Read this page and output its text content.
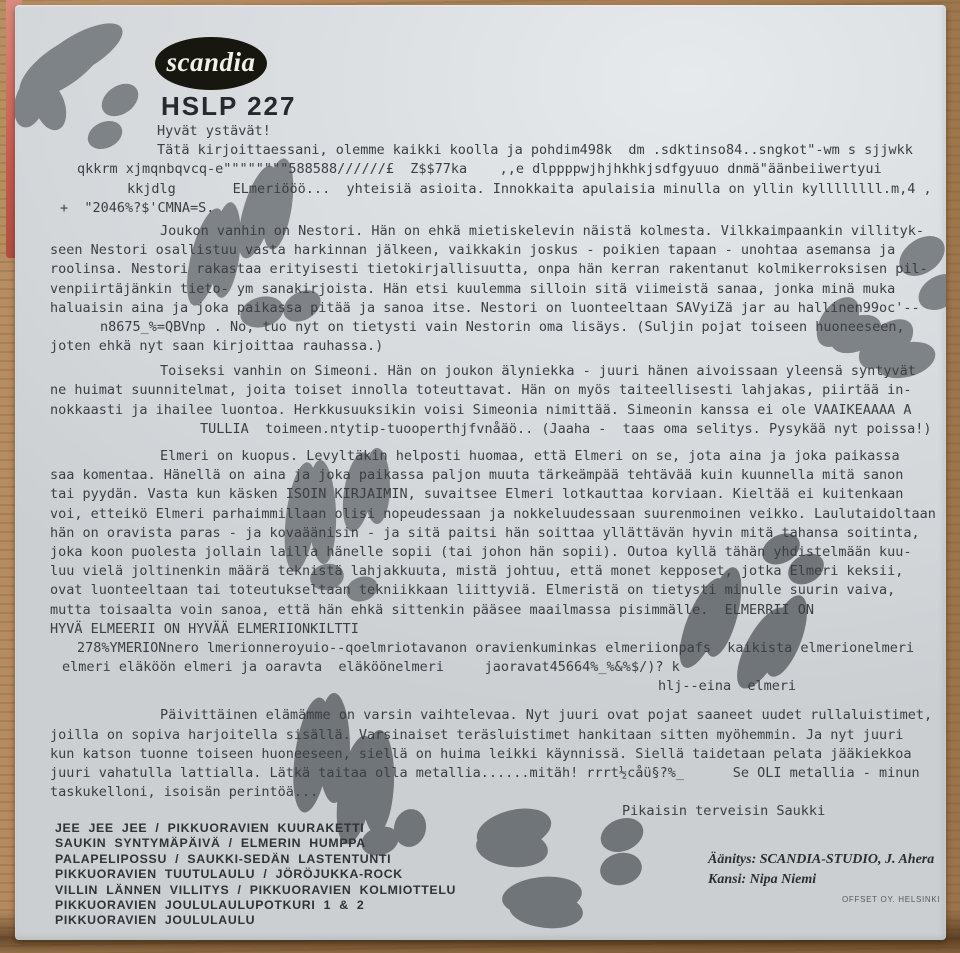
scandia
HSLP 227
Hyvät ystävät!
Tätä kirjoittaessani, olemme kaikki koolla ja pohdim498k  dm .sdktinso84..sngkot"-wm s sjjwkk
qkkrm xjmqnbqvcq-e""""""""588588//////£  Z$$77ka    ,,e dlppppwjhjhkhkjsdfgyuuo dnmä"äänbeiiwertyui
kkjdlg       ELmeriööö...  yhteisiä asioita. Innokkaita apulaisia minulla on yllin kyllllllll.m,4 ,
+  "2046%?$'CMNA=S.
Joukon vanhin on Nestori. Hän on ehkä mietiskelevin näistä kolmesta. Vilkkaimpaankin villityk-
seen Nestori osallistuu vasta harkinnan jälkeen, vaikkakin joskus - poikien tapaan - unohtaa asemansa ja
roolinsa. Nestori rakastaa erityisesti tietokirjallisuutta, onpa hän kerran rakentanut kolmikerroksisen pil-
venpiirtäjänkin tieto- ym sanakirjoista. Hän etsi kuulemma silloin sitä viimeistä sanaa, jonka minä muka
haluaisin aina ja joka paikassa pitää ja sanoa itse. Nestori on luonteeltaan SAVyiZä jar au hallinen99oc'--
n8675_%=QBVnp . No, tuo nyt on tietysti vain Nestorin oma lisäys. (Suljin pojat toiseen huoneeseen,
joten ehkä nyt saan kirjoittaa rauhassa.)
Toiseksi vanhin on Simeoni. Hän on joukon älyniekka - juuri hänen aivoissaan yleensä syntyvät
ne huimat suunnitelmat, joita toiset innolla toteuttavat. Hän on myös taiteellisesti lahjakas, piirtää in-
nokkaasti ja ihailee luontoa. Herkkusuuksikin voisi Simeonia nimittää. Simeonin kanssa ei ole VAAIKEAAAA A
TULLIA  toimeen.ntytip-tuooperthjfvnåäö.. (Jaaha -  taas oma selitys. Pysykää nyt poissa!)
Elmeri on kuopus. Levyltäkin helposti huomaa, että Elmeri on se, jota aina ja joka paikassa
saa komentaa. Hänellä on aina ja joka paikassa paljon muuta tärkeämpää tehtävää kuin kuunnella mitä sanon
tai pyydän. Vasta kun käsken ISOIN KIRJAIMIN, suvaitsee Elmeri lotkauttaa korviaan. Kieltää ei kuitenkaan
voi, etteikö Elmeri parhaimmillaan olisi nopeudessaan ja nokkeluudessaan suurenmoinen veikko. Laulutaidoltaan
hän on oravista paras - ja kovaäänisin - ja sitä paitsi hän soittaa yllättävän hyvin mitä tahansa soitinta,
joka koon puolesta jollain lailla hänelle sopii (tai johon hän sopii). Outoa kyllä tähän yhdistelmään kuu-
luu vielä joltinenkin määrä teknistä lahjakkuuta, mistä johtuu, että monet kepposet, jotka Elmeri keksii,
ovat luonteeltaan tai toteutukseltaan tekniikkaan liittyviä. Elmeristä on tietysti minulle suurin vaiva,
mutta toisaalta voin sanoa, että hän ehkä sittenkin pääsee maailmassa pisimmälle.  ELMERRII ON
HYVÄ ELMEERII ON HYVÄÄ ELMERIIONKILTTI
278%YMERIONnero lmerionneroyuio--qoelmriotavanon oravienkuminkas elmeriionpafs  kaikista elmerionelmeri
elmeri eläköön elmeri ja oaravta  eläköönelmeri     jaoravat45664%_%&%$/)? k
hlj--eina  elmeri
Päivittäinen elämämme on varsin vaihtelevaa. Nyt juuri ovat pojat saaneet uudet rullaluistimet,
joilla on sopiva harjoitella sisällä. Varsinaiset teräsluistimet hankitaan sitten myöhemmin. Ja nyt juuri
kun katson tuonne toiseen huoneeseen, siellä on huima leikki käynnissä. Siellä taidetaan pelata jääkiekkoa
juuri vahatulla lattialla. Lätkä taitaa olla metallia......mitäh! rrrt½cåü§?%_      Se OLI metallia - minun
taskukelloni, isoisän perintöä...
Pikaisin terveisin Saukki
JEE JEE JEE / PIKKUORAVIEN KUURAKETTI
SAUKIN SYNTYMÄPÄIVÄ / ELMERIN HUMPPA
PALAPELIPOSSU / SAUKKI-SEDÄN LASTENTUNTI
PIKKUORAVIEN TUUTULAULU / JÖRÖJUKKA-ROCK
VILLIN LÄNNEN VILLITYS / PIKKUORAVIEN KOLMIOTTELU
PIKKUORAVIEN JOULULAULUPOTKURI 1 & 2
PIKKUORAVIEN JOULULAULU
Äänitys: SCANDIA-STUDIO, J. Ahera
Kansi: Nipa Niemi
OFFSET OY. HELSINKI
